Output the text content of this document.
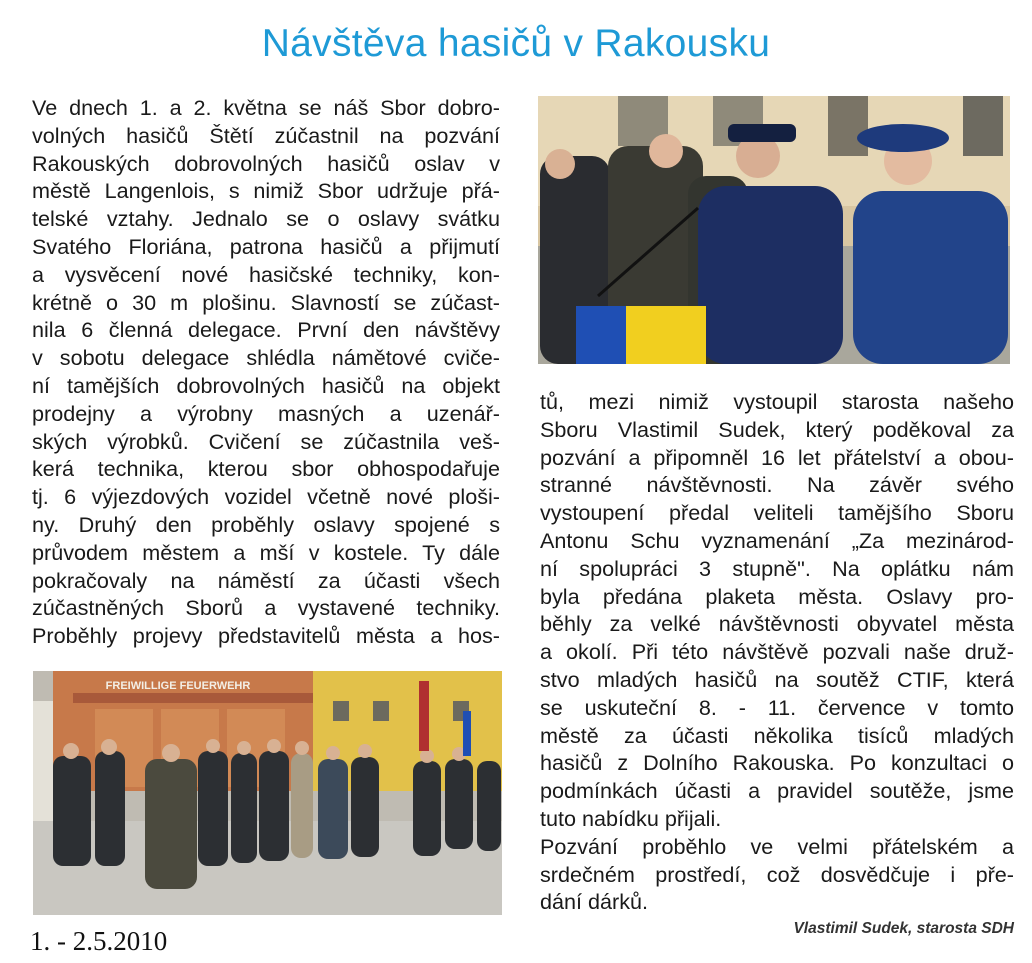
Návštěva hasičů v Rakousku

Ve dnech 1. a 2. května se náš Sbor dobro-

volných hasičů Štětí zúčastnil na pozvání

Rakouských dobrovolných hasičů oslav v

městě Langenlois, s nimiž Sbor udržuje přá-

telské vztahy. Jednalo se o oslavy svátku

Svatého Floriána, patrona hasičů a přijmutí

a vysvěcení nové hasičské techniky, kon-

krétně o 30 m plošinu. Slavností se zúčast-

nila 6 členná delegace. První den návštěvy

v sobotu delegace shlédla námětové cviče-

ní tamějších dobrovolných hasičů na objekt

prodejny a výrobny masných a uzenář-

ských výrobků. Cvičení se zúčastnila veš-

kerá technika, kterou sbor obhospodařuje

tj. 6 výjezdových vozidel včetně nové ploši-

ny. Druhý den proběhly oslavy spojené s

průvodem městem a mší v kostele. Ty dále

pokračovaly na náměstí za účasti všech

zúčastněných Sborů a vystavené techniky.

Proběhly projevy představitelů města a hos-

tů, mezi nimiž vystoupil starosta našeho

Sboru Vlastimil Sudek, který poděkoval za

pozvání a připomněl 16 let přátelství a obou-

stranné návštěvnosti. Na závěr svého

vystoupení předal veliteli tamějšího Sboru

Antonu Schu vyznamenání „Za mezinárod-

ní spolupráci 3 stupně". Na oplátku nám

byla předána plaketa města. Oslavy pro-

běhly za velké návštěvnosti obyvatel města

a okolí. Při této návštěvě pozvali naše druž-

stvo mladých hasičů na soutěž CTIF, která

se uskuteční 8. - 11. července v tomto

městě za účasti několika tisíců mladých

hasičů z Dolního Rakouska. Po konzultaci o

podmínkách účasti a pravidel soutěže, jsme

tuto nabídku přijali.

Pozvání proběhlo ve velmi přátelském a

srdečném prostředí, což dosvědčuje i pře-

dání dárků.

FREIWILLIGE FEUERWEHR
Vlastimil Sudek, starosta SDH
1. - 2.5.2010
